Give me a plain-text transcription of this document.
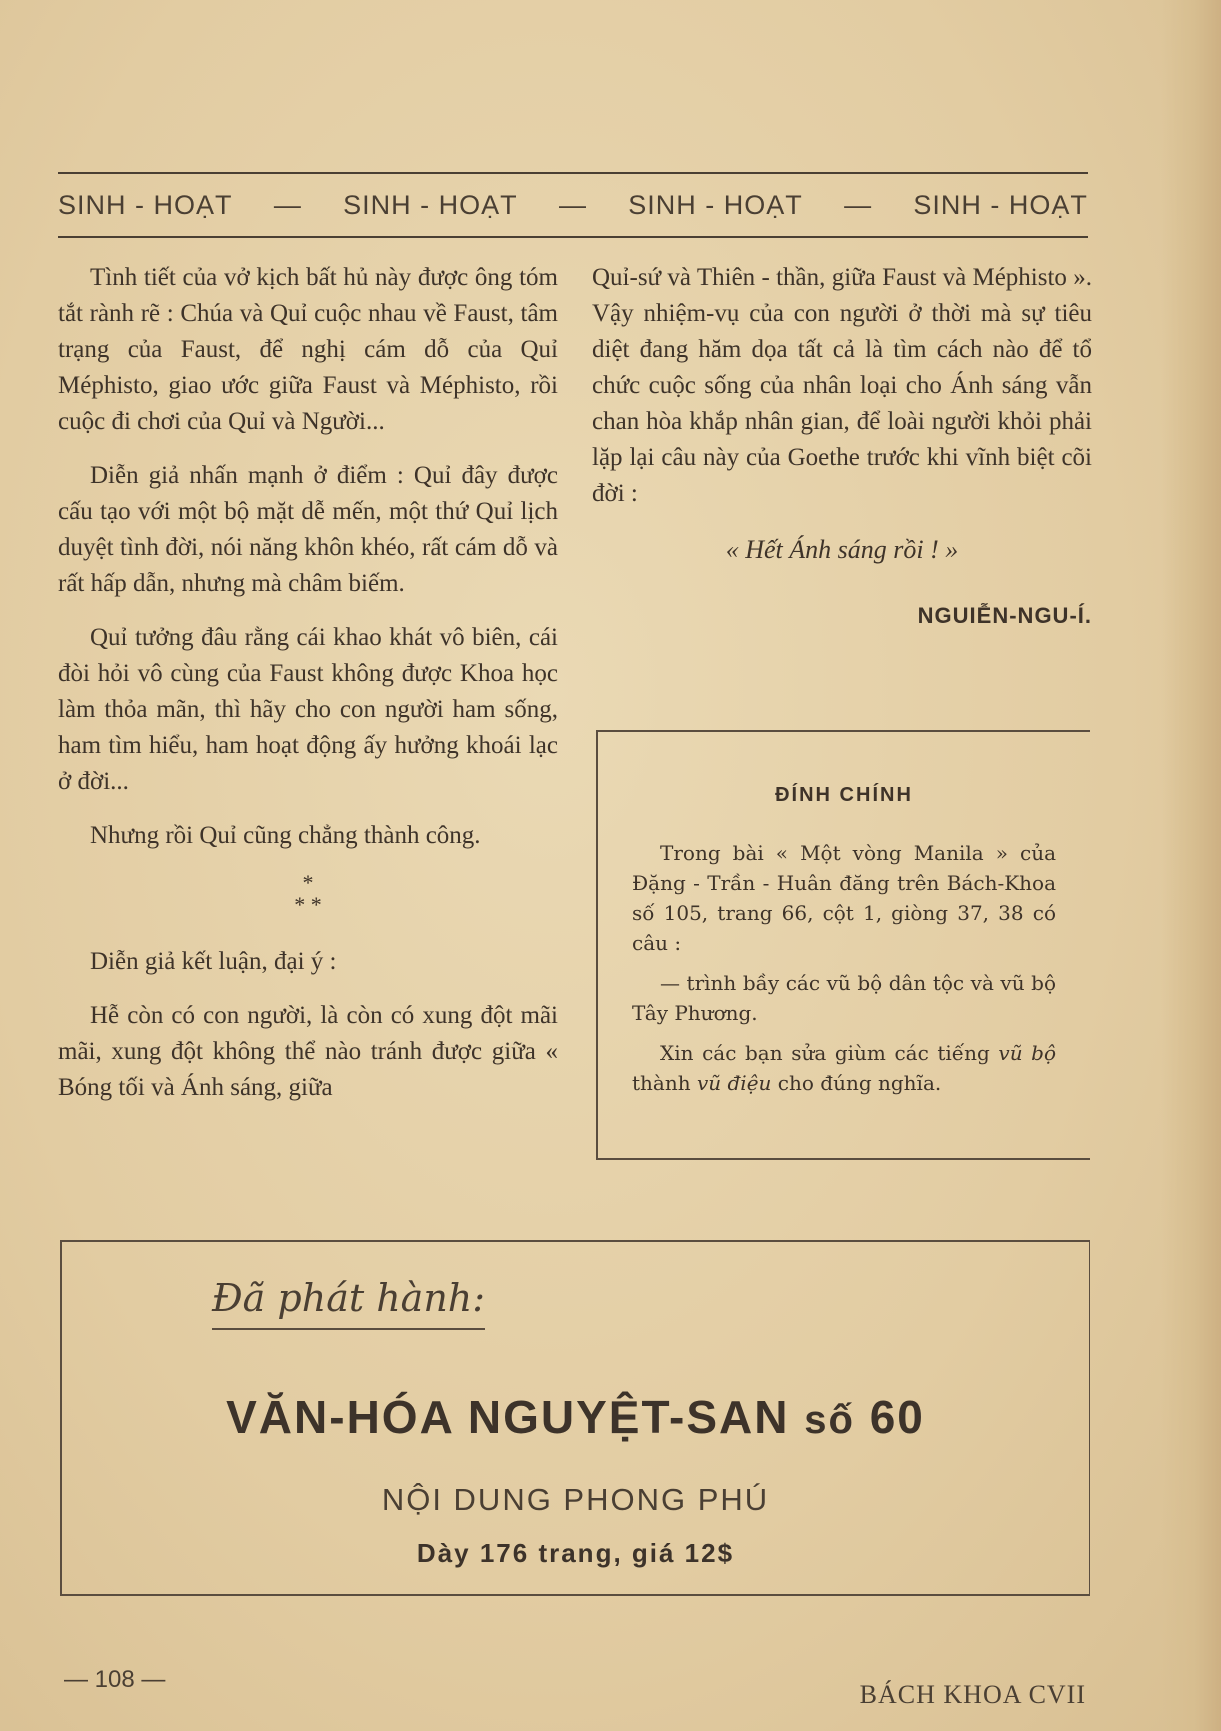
SINH - HOẠT — SINH - HOẠT — SINH - HOẠT — SINH - HOẠT

Tình tiết của vở kịch bất hủ này được ông tóm tắt rành rẽ : Chúa và Quỉ cuộc nhau về Faust, tâm trạng của Faust, để nghị cám dỗ của Quỉ Méphisto, giao ước giữa Faust và Méphisto, rồi cuộc đi chơi của Quỉ và Người...

Diễn giả nhấn mạnh ở điểm : Quỉ đây được cấu tạo với một bộ mặt dễ mến, một thứ Quỉ lịch duyệt tình đời, nói năng khôn khéo, rất cám dỗ và rất hấp dẫn, nhưng mà châm biếm.

Quỉ tưởng đâu rằng cái khao khát vô biên, cái đòi hỏi vô cùng của Faust không được Khoa học làm thỏa mãn, thì hãy cho con người ham sống, ham tìm hiểu, ham hoạt động ấy hưởng khoái lạc ở đời...

Nhưng rồi Quỉ cũng chẳng thành công.

*
* *

Diễn giả kết luận, đại ý :

Hễ còn có con người, là còn có xung đột mãi mãi, xung đột không thể nào tránh được giữa « Bóng tối và Ánh sáng, giữa

Quỉ-sứ và Thiên - thần, giữa Faust và Méphisto ». Vậy nhiệm-vụ của con người ở thời mà sự tiêu diệt đang hăm dọa tất cả là tìm cách nào để tổ chức cuộc sống của nhân loại cho Ánh sáng vẫn chan hòa khắp nhân gian, để loài người khỏi phải lặp lại câu này của Goethe trước khi vĩnh biệt cõi đời :

« Hết Ánh sáng rồi ! »
NGUIỄN-NGU-Í.
ĐÍNH CHÍNH

Trong bài « Một vòng Manila » của Đặng - Trần - Huân đăng trên Bách-Khoa số 105, trang 66, cột 1, giòng 37, 38 có câu :

— trình bầy các vũ bộ dân tộc và vũ bộ Tây Phương.

Xin các bạn sửa giùm các tiếng vũ bộ thành vũ điệu cho đúng nghĩa.

Đã phát hành:
VĂN-HÓA NGUYỆT-SAN số 60
NỘI DUNG PHONG PHÚ
Dày 176 trang, giá 12$
— 108 —
BÁCH KHOA CVII
